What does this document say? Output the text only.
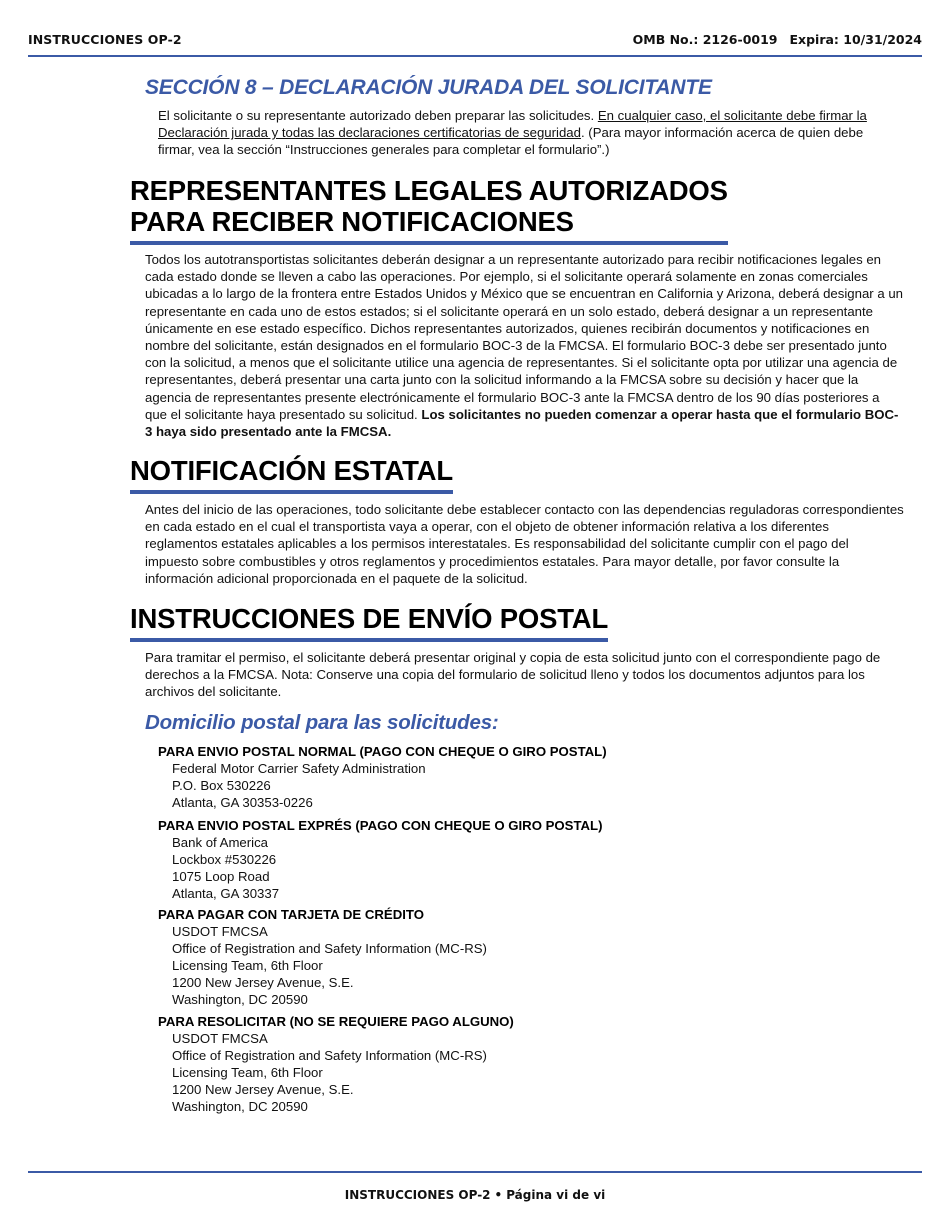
INSTRUCCIONES OP-2	OMB No.: 2126-0019 Expira: 10/31/2024
SECCIÓN 8 – DECLARACIÓN JURADA DEL SOLICITANTE
El solicitante o su representante autorizado deben preparar las solicitudes. En cualquier caso, el solicitante debe firmar la Declaración jurada y todas las declaraciones certificatorias de seguridad. (Para mayor información acerca de quien debe firmar, vea la sección “Instrucciones generales para completar el formulario”.)
REPRESENTANTES LEGALES AUTORIZADOS
PARA RECIBER NOTIFICACIONES
Todos los autotransportistas solicitantes deberán designar a un representante autorizado para recibir notificaciones legales en cada estado donde se lleven a cabo las operaciones. Por ejemplo, si el solicitante operará solamente en zonas comerciales ubicadas a lo largo de la frontera entre Estados Unidos y México que se encuentran en California y Arizona, deberá designar a un representante en cada uno de estos estados; si el solicitante operará en un solo estado, deberá designar a un representante únicamente en ese estado específico. Dichos representantes autorizados, quienes recibirán documentos y notificaciones en nombre del solicitante, están designados en el formulario BOC-3 de la FMCSA. El formulario BOC-3 debe ser presentado junto con la solicitud, a menos que el solicitante utilice una agencia de representantes. Si el solicitante opta por utilizar una agencia de representantes, deberá presentar una carta junto con la solicitud informando a la FMCSA sobre su decisión y hacer que la agencia de representantes presente electrónicamente el formulario BOC-3 ante la FMCSA dentro de los 90 días posteriores a que el solicitante haya presentado su solicitud. Los solicitantes no pueden comenzar a operar hasta que el formulario BOC-3 haya sido presentado ante la FMCSA.
NOTIFICACIÓN ESTATAL
Antes del inicio de las operaciones, todo solicitante debe establecer contacto con las dependencias reguladoras correspondientes en cada estado en el cual el transportista vaya a operar, con el objeto de obtener información relativa a los diferentes reglamentos estatales aplicables a los permisos interestatales. Es responsabilidad del solicitante cumplir con el pago del impuesto sobre combustibles y otros reglamentos y procedimientos estatales. Para mayor detalle, por favor consulte la información adicional proporcionada en el paquete de la solicitud.
INSTRUCCIONES DE ENVÍO POSTAL
Para tramitar el permiso, el solicitante deberá presentar original y copia de esta solicitud junto con el correspondiente pago de derechos a la FMCSA. Nota: Conserve una copia del formulario de solicitud lleno y todos los documentos adjuntos para los archivos del solicitante.
Domicilio postal para las solicitudes:
PARA ENVIO POSTAL NORMAL (PAGO CON CHEQUE O GIRO POSTAL)
Federal Motor Carrier Safety Administration
P.O. Box 530226
Atlanta, GA 30353-0226
PARA ENVIO POSTAL EXPRÉS (PAGO CON CHEQUE O GIRO POSTAL)
Bank of America
Lockbox #530226
1075 Loop Road
Atlanta, GA 30337
PARA PAGAR CON TARJETA DE CRÉDITO
USDOT FMCSA
Office of Registration and Safety Information (MC-RS)
Licensing Team, 6th Floor
1200 New Jersey Avenue, S.E.
Washington, DC 20590
PARA RESOLICITAR (NO SE REQUIERE PAGO ALGUNO)
USDOT FMCSA
Office of Registration and Safety Information (MC-RS)
Licensing Team, 6th Floor
1200 New Jersey Avenue, S.E.
Washington, DC 20590
INSTRUCCIONES OP-2 • Página vi de vi
